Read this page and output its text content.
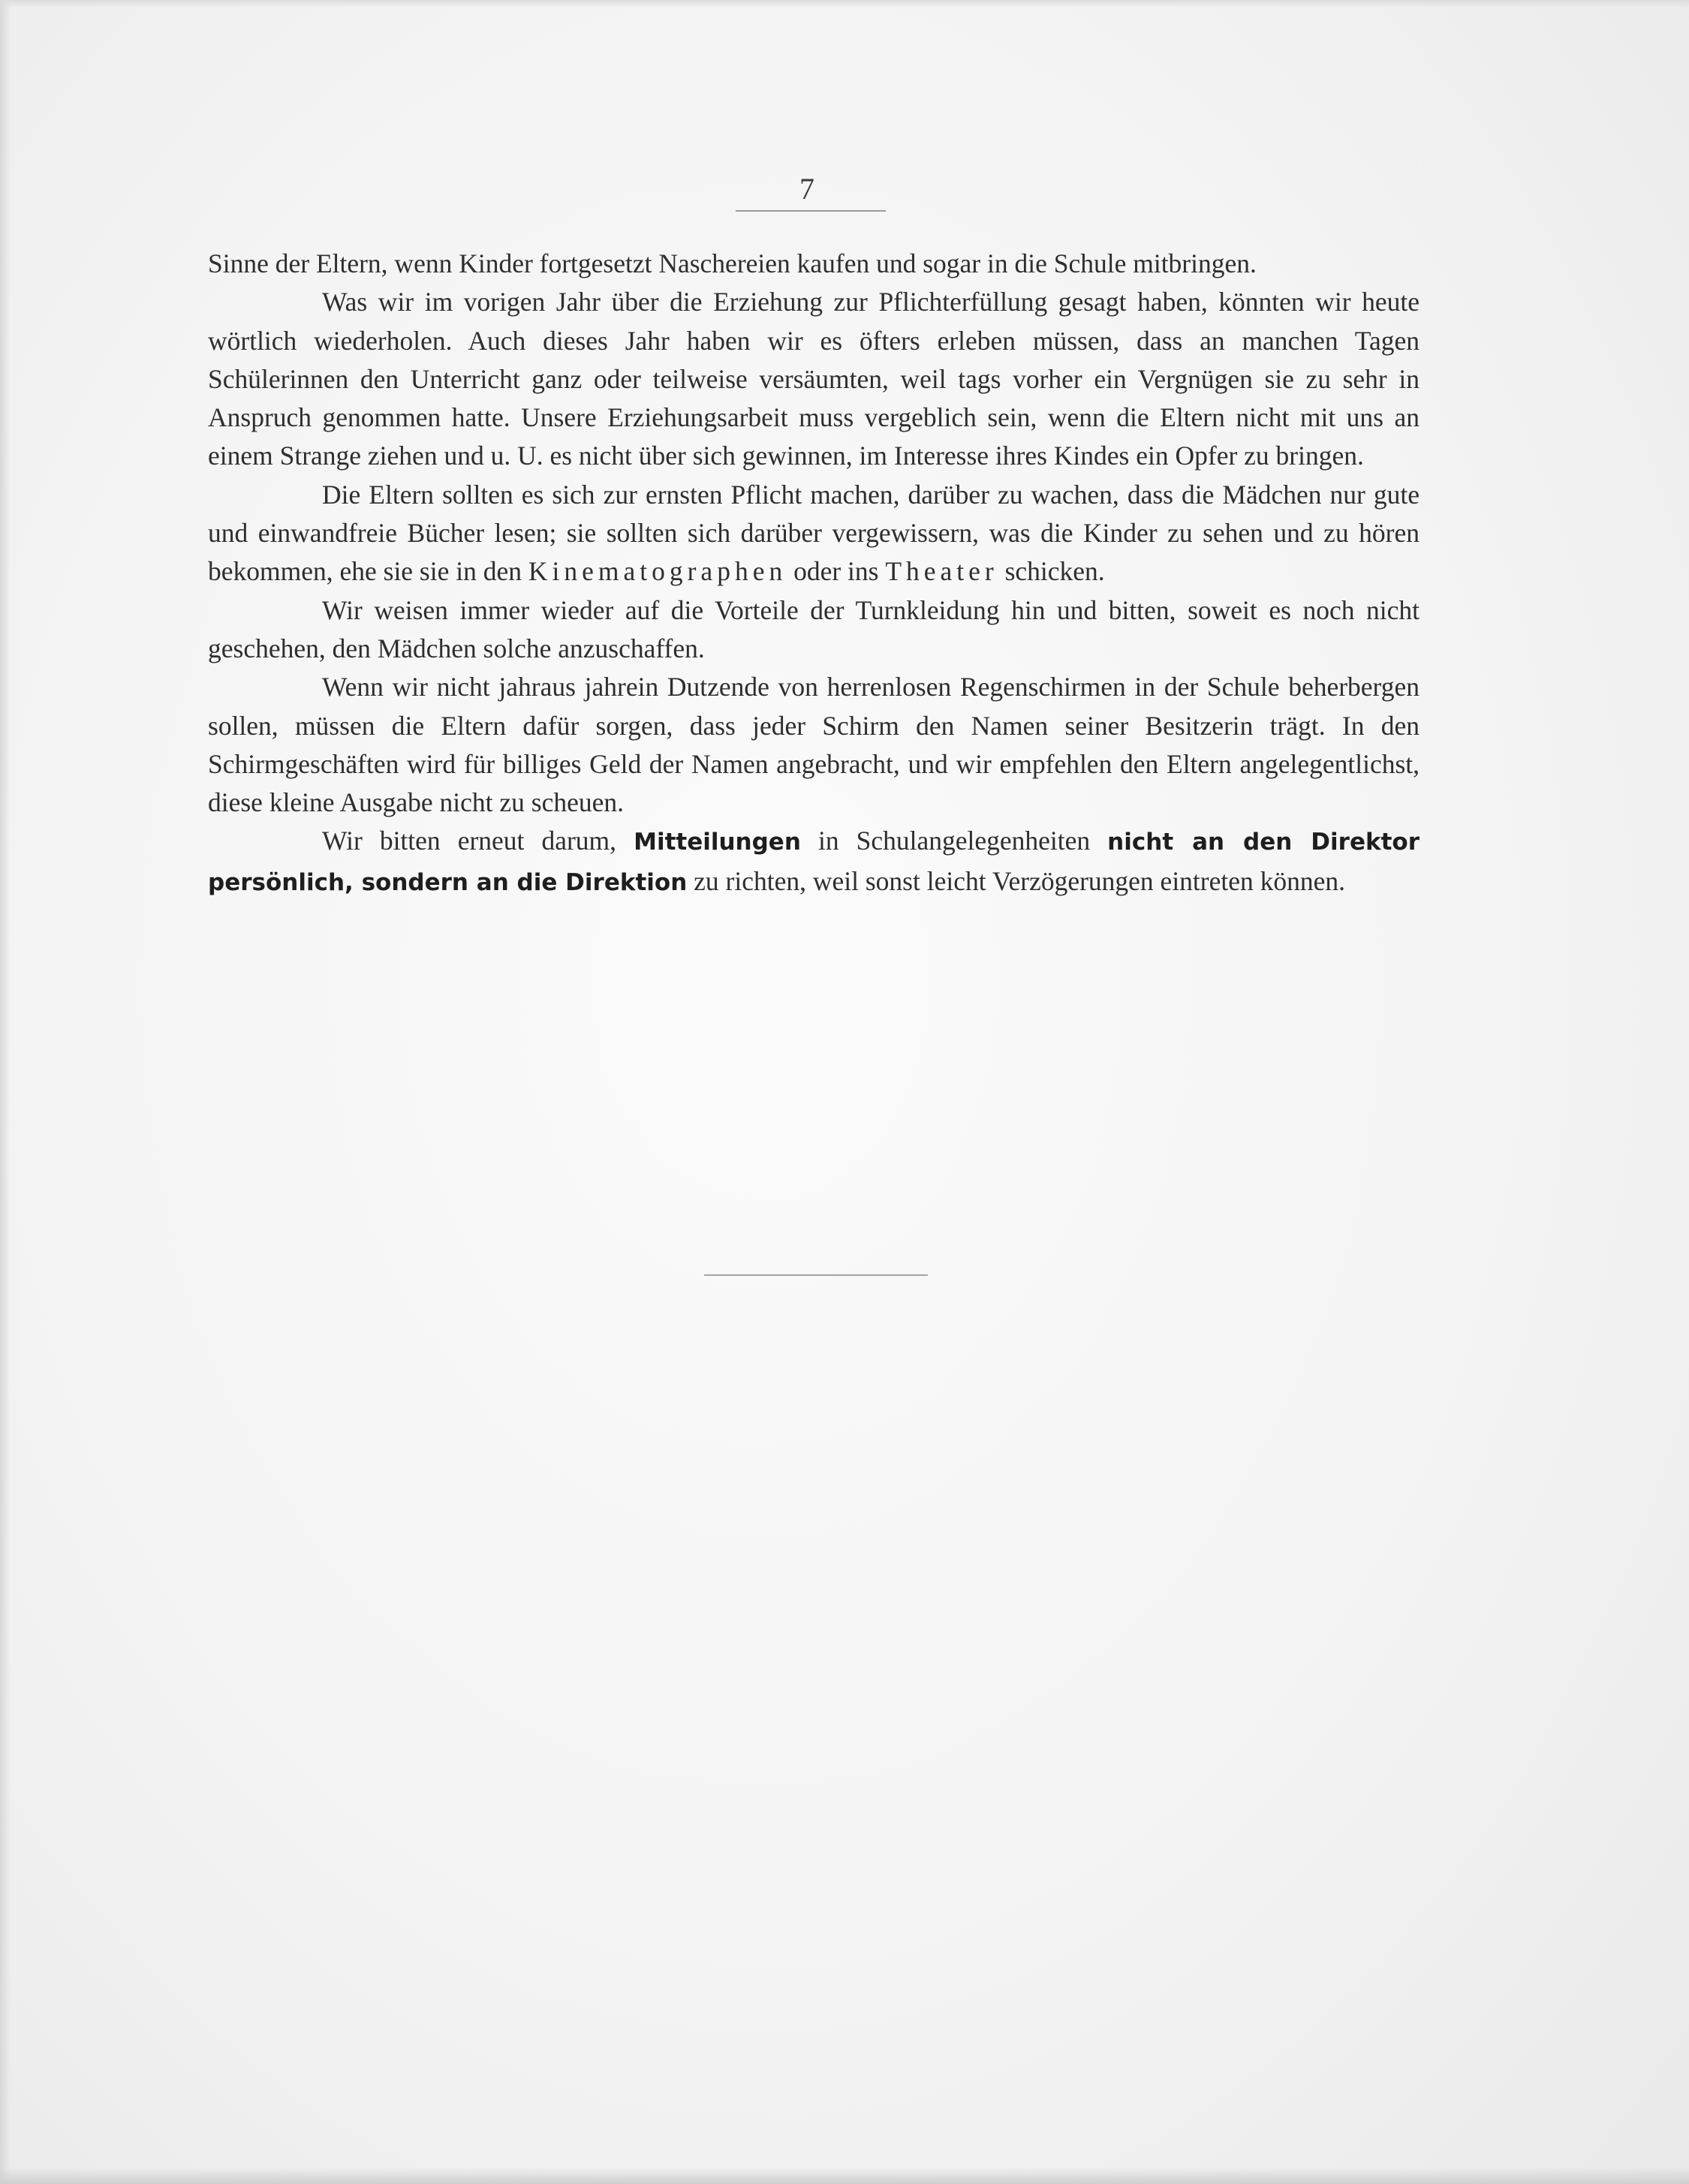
7

Sinne der Eltern, wenn Kinder fortgesetzt Naschereien kaufen und sogar in die Schule mitbringen.

Was wir im vorigen Jahr über die Erziehung zur Pflichterfüllung gesagt haben, könnten wir heute wörtlich wiederholen. Auch dieses Jahr haben wir es öfters erleben müssen, dass an manchen Tagen Schülerinnen den Unterricht ganz oder teilweise versäumten, weil tags vorher ein Vergnügen sie zu sehr in Anspruch genommen hatte. Unsere Erziehungsarbeit muss vergeblich sein, wenn die Eltern nicht mit uns an einem Strange ziehen und u. U. es nicht über sich gewinnen, im Interesse ihres Kindes ein Opfer zu bringen.

Die Eltern sollten es sich zur ernsten Pflicht machen, darüber zu wachen, dass die Mädchen nur gute und einwandfreie Bücher lesen; sie sollten sich darüber vergewissern, was die Kinder zu sehen und zu hören bekommen, ehe sie sie in den Kinematographen oder ins Theater schicken.

Wir weisen immer wieder auf die Vorteile der Turnkleidung hin und bitten, soweit es noch nicht geschehen, den Mädchen solche anzuschaffen.

Wenn wir nicht jahraus jahrein Dutzende von herrenlosen Regenschirmen in der Schule beherbergen sollen, müssen die Eltern dafür sorgen, dass jeder Schirm den Namen seiner Besitzerin trägt. In den Schirmgeschäften wird für billiges Geld der Namen angebracht, und wir empfehlen den Eltern angelegentlichst, diese kleine Ausgabe nicht zu scheuen.

Wir bitten erneut darum, Mitteilungen in Schulangelegenheiten nicht an den Direktor persönlich, sondern an die Direktion zu richten, weil sonst leicht Verzögerungen eintreten können.
